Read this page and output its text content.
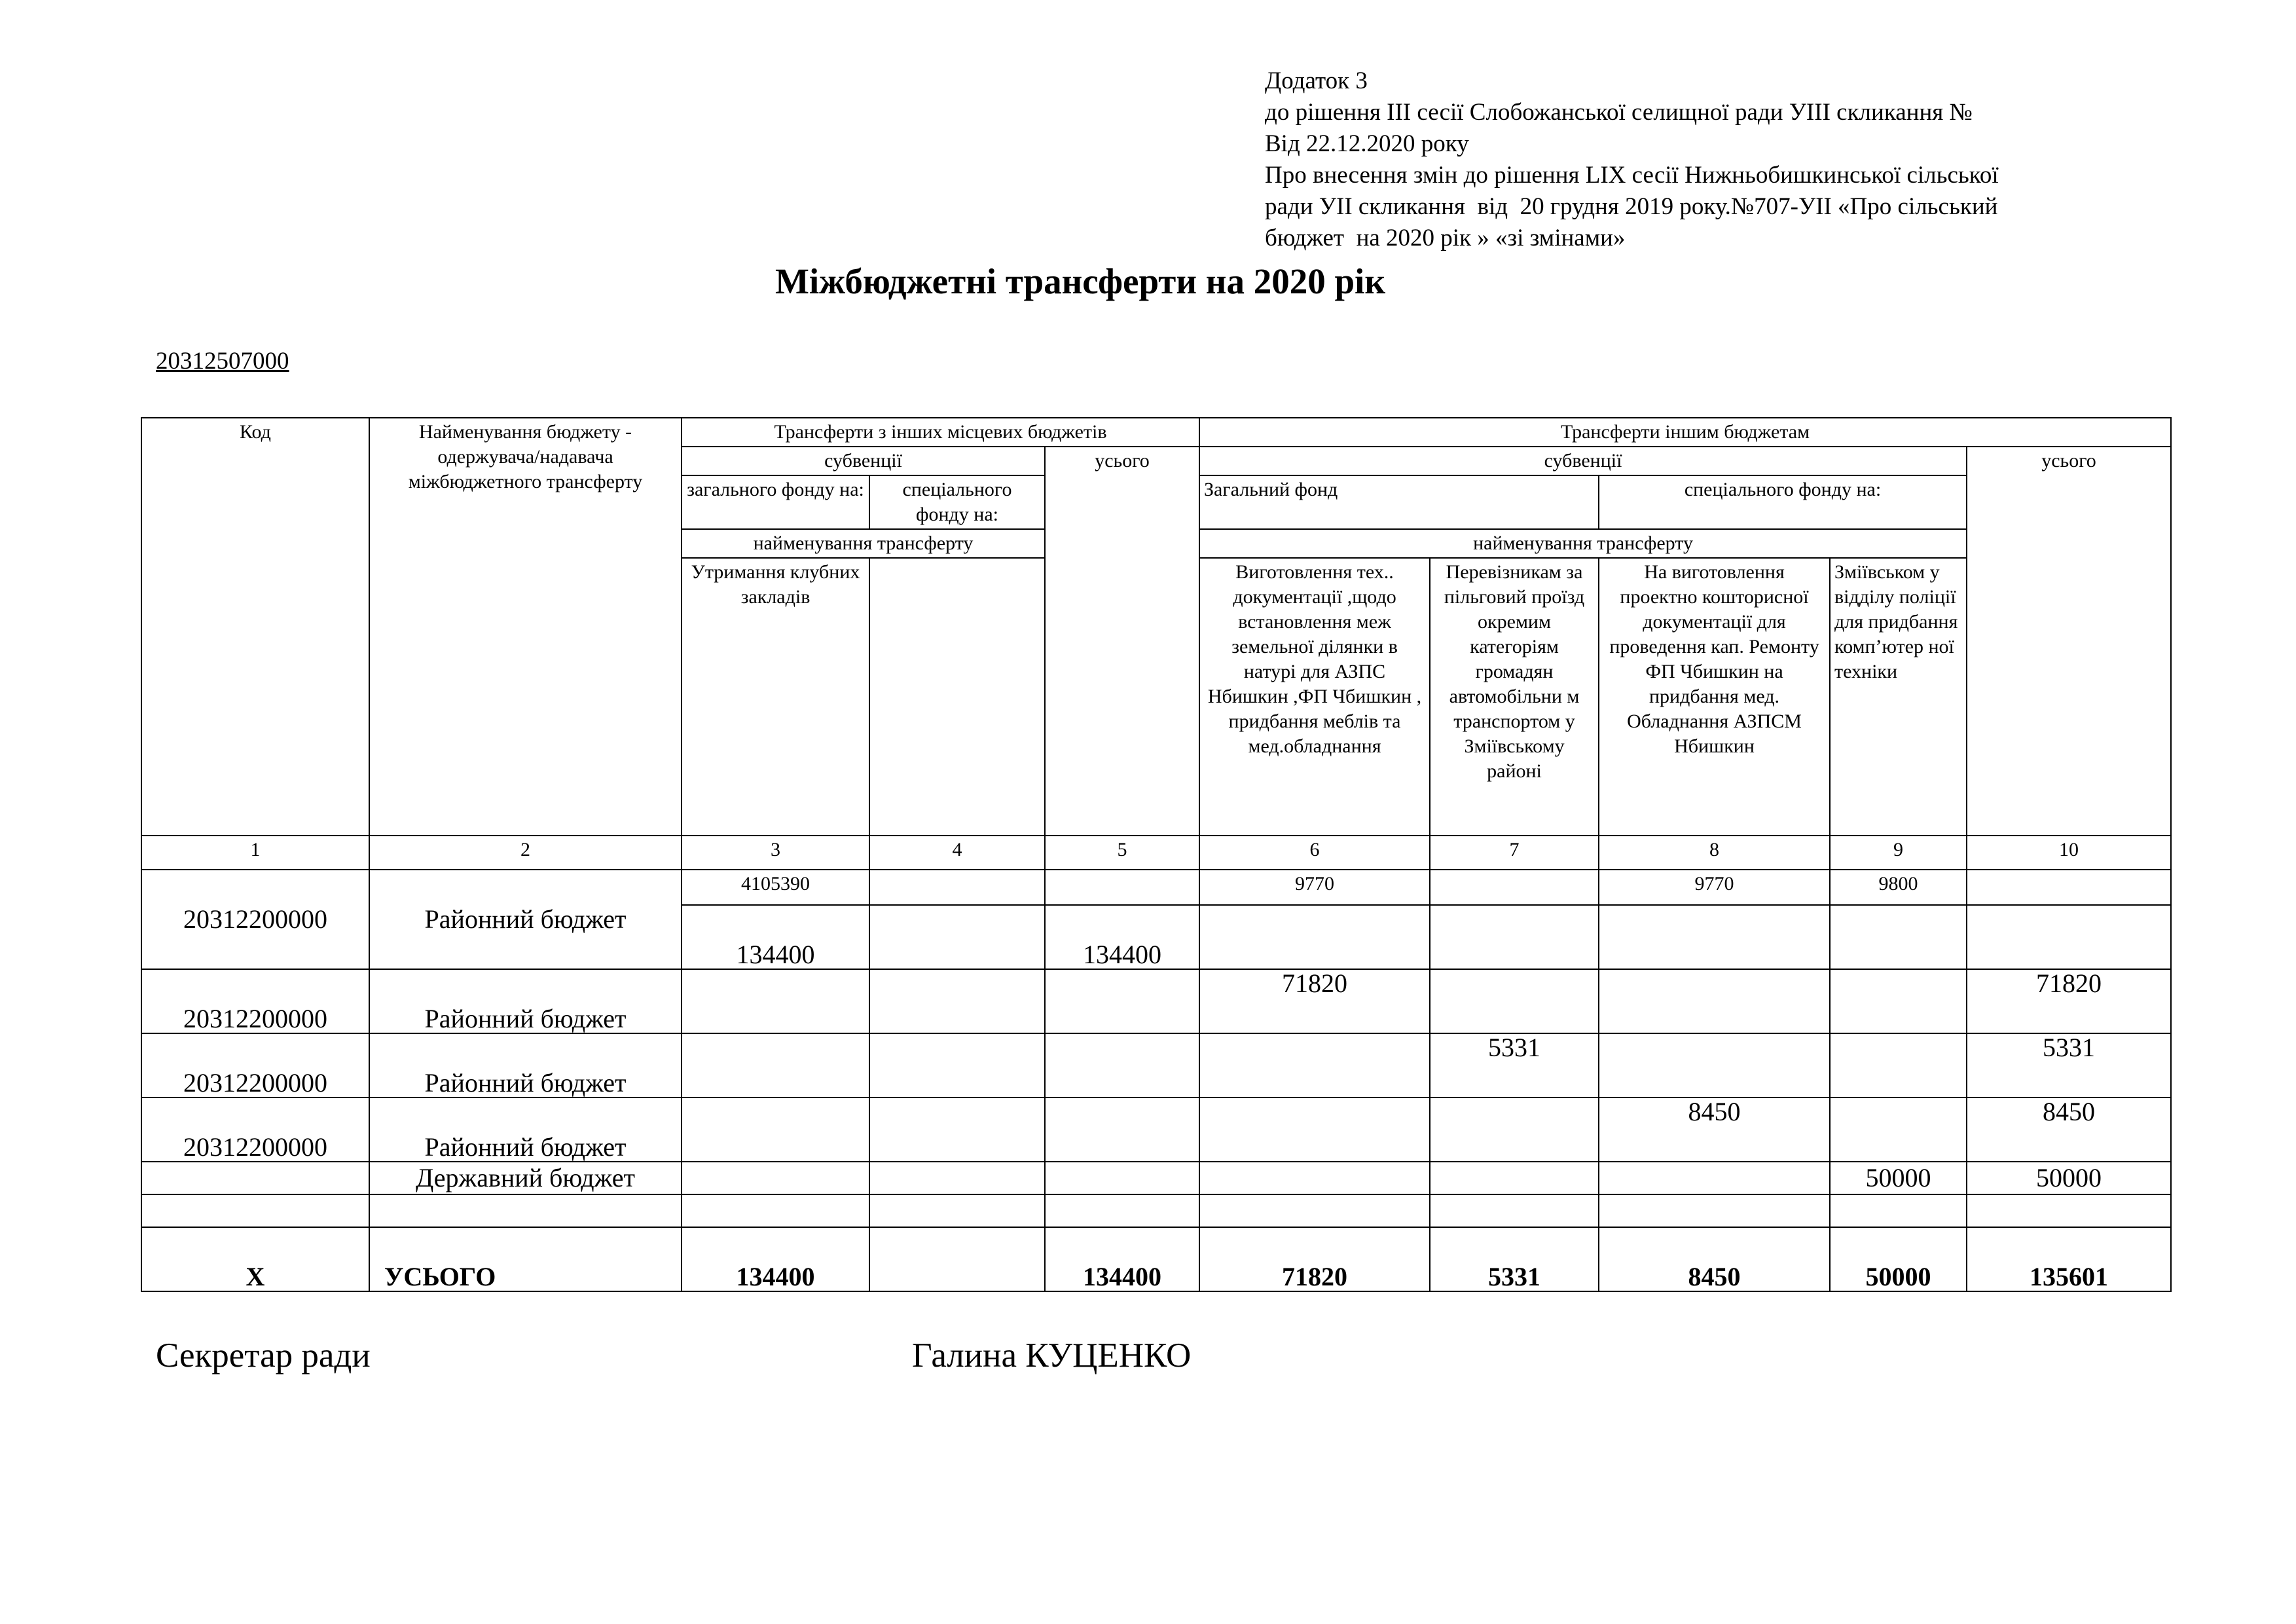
Додаток 3
до рішення ІІІ сесії Слобожанської селищної ради УІІІ скликання №
Від 22.12.2020 року
Про внесення змін до рішення LIX сесії Нижньобишкинської сільської
ради УІІ скликання  від  20 грудня 2019 року.№707-УІІ «Про сільський
бюджет  на 2020 рік » «зі змінами»
Міжбюджетні трансферти на 2020 рік
20312507000
Код	Найменування бюджету - одержувача/надавача міжбюджетного трансферту	Трансферти з інших місцевих бюджетів			Трансферти іншим бюджетам				
		субвенції		усього	субвенції				усього
		загального фонду на:	спеціального фонду на:		Загальний фонд		спеціального фонду на:		
		найменування трансферту			найменування трансферту				
		Утримання клубних закладів			Виготовлення тех.. документації ,щодо встановлення меж земельної ділянки в натурі для АЗПС Нбишкин ,ФП Чбишкин , придбання меблів та мед.обладнання	Перевізникам за пільговий проїзд окремим категоріям громадян автомобільни м транспортом у Зміївському районі	На виготовлення проектно кошторисної документації для проведення кап. Ремонту ФП Чбишкин на придбання мед. Обладнання АЗПСМ Нбишкин	Зміївськом у відділу поліції для придбання комп’ютер ної техніки	
1	2	3	4	5	6	7	8	9	10
20312200000	Районний бюджет	4105390			9770		9770	9800	
		134400		134400					
20312200000	Районний бюджет				71820				71820
20312200000	Районний бюджет					5331			5331
20312200000	Районний бюджет						8450		8450
	Державний бюджет							50000	50000

Х	УСЬОГО	134400		134400	71820	5331	8450	50000	135601
Секретар ради	Галина КУЦЕНКО
